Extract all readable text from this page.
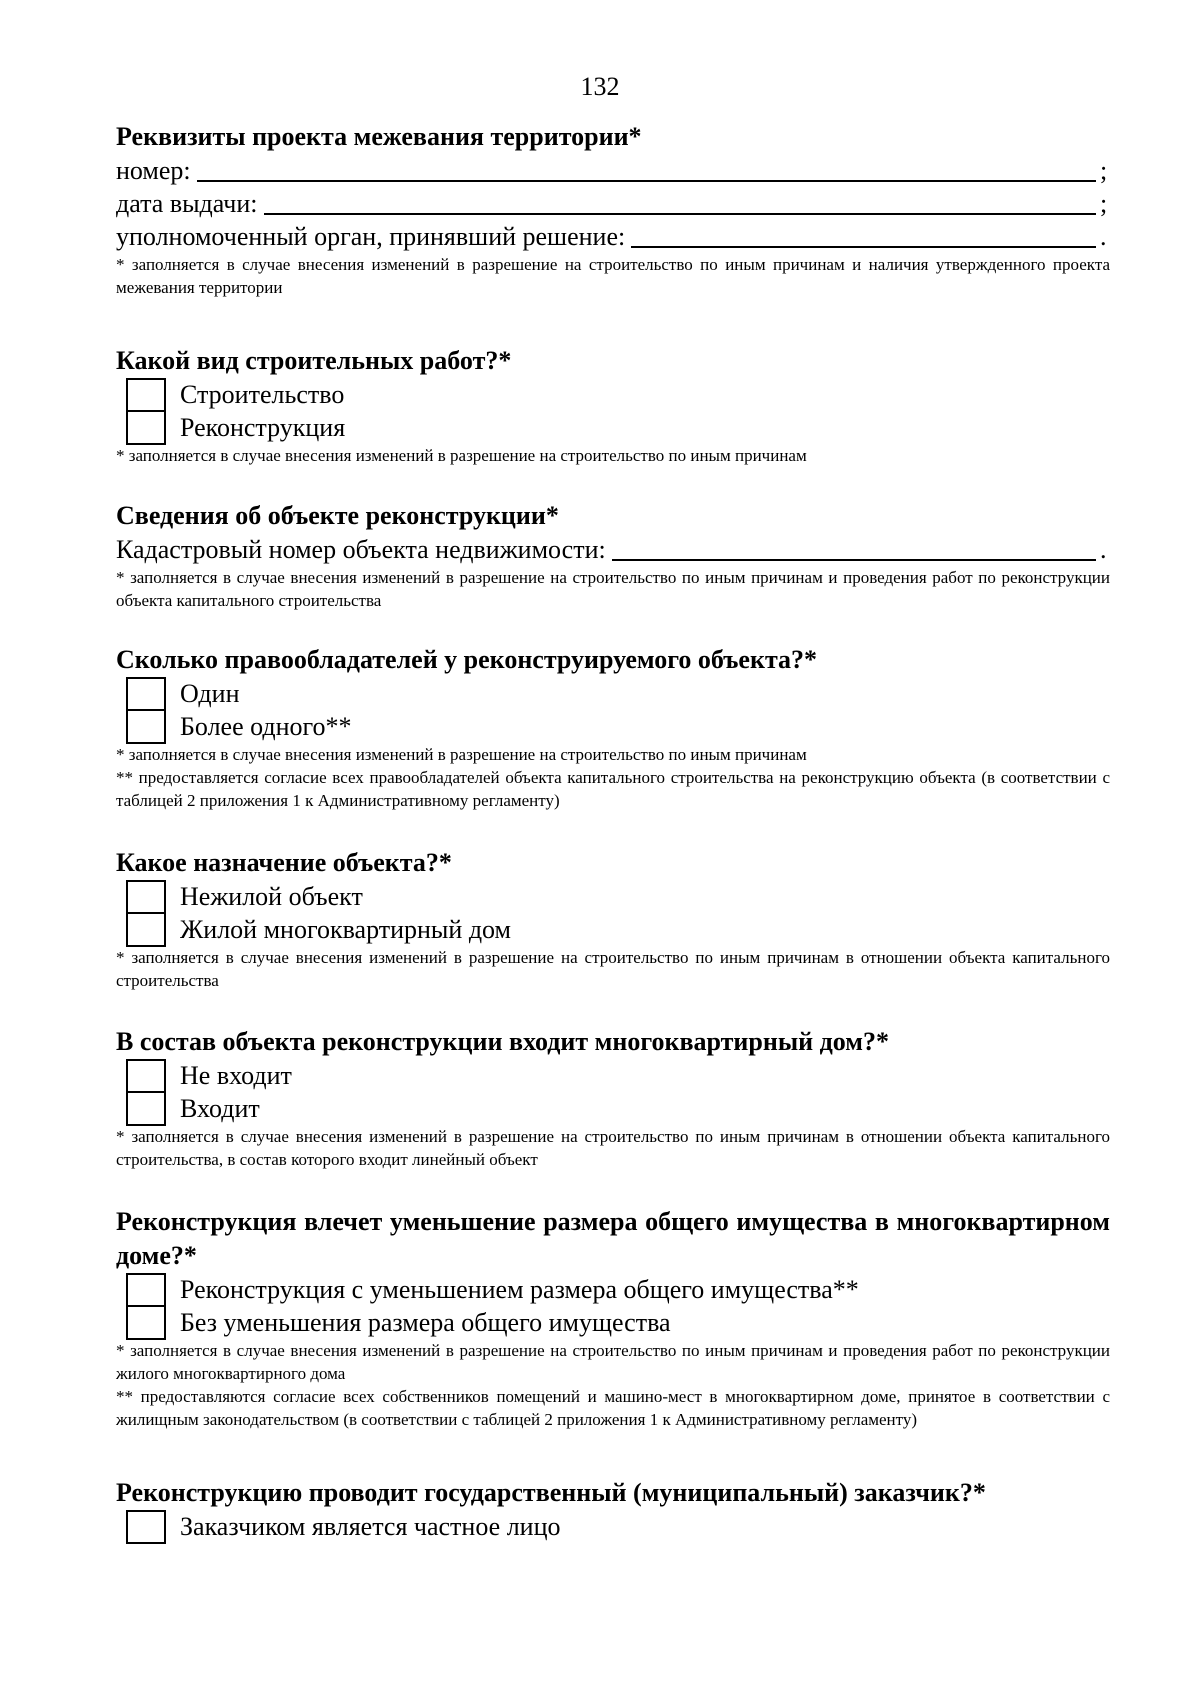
132
Реквизиты проекта межевания территории*
номер:	;
дата выдачи:	;
уполномоченный орган, принявший решение:	.
* заполняется в случае внесения изменений в разрешение на строительство по иным причинам и наличия утвержденного проекта межевания территории
Какой вид строительных работ?*
Строительство
Реконструкция
* заполняется в случае внесения изменений в разрешение на строительство по иным причинам
Сведения об объекте реконструкции*
Кадастровый номер объекта недвижимости:	.
* заполняется в случае внесения изменений в разрешение на строительство по иным причинам и проведения работ по реконструкции объекта капитального строительства
Сколько правообладателей у реконструируемого объекта?*
Один
Более одного**
* заполняется в случае внесения изменений в разрешение на строительство по иным причинам
** предоставляется согласие всех правообладателей объекта капитального строительства на реконструкцию объекта (в соответствии с таблицей 2 приложения 1 к Административному регламенту)
Какое назначение объекта?*
Нежилой объект
Жилой многоквартирный дом
* заполняется в случае внесения изменений в разрешение на строительство по иным причинам в отношении объекта капитального строительства
В состав объекта реконструкции входит многоквартирный дом?*
Не входит
Входит
* заполняется в случае внесения изменений в разрешение на строительство по иным причинам в отношении объекта капитального строительства, в состав которого входит линейный объект
Реконструкция влечет уменьшение размера общего имущества в многоквартирном доме?*
Реконструкция с уменьшением размера общего имущества**
Без уменьшения размера общего имущества
* заполняется в случае внесения изменений в разрешение на строительство по иным причинам и проведения работ по реконструкции жилого многоквартирного дома
** предоставляются согласие всех собственников помещений и машино-мест в многоквартирном доме, принятое в соответствии с жилищным законодательством (в соответствии с таблицей 2 приложения 1 к Административному регламенту)
Реконструкцию проводит государственный (муниципальный) заказчик?*
Заказчиком является частное лицо
